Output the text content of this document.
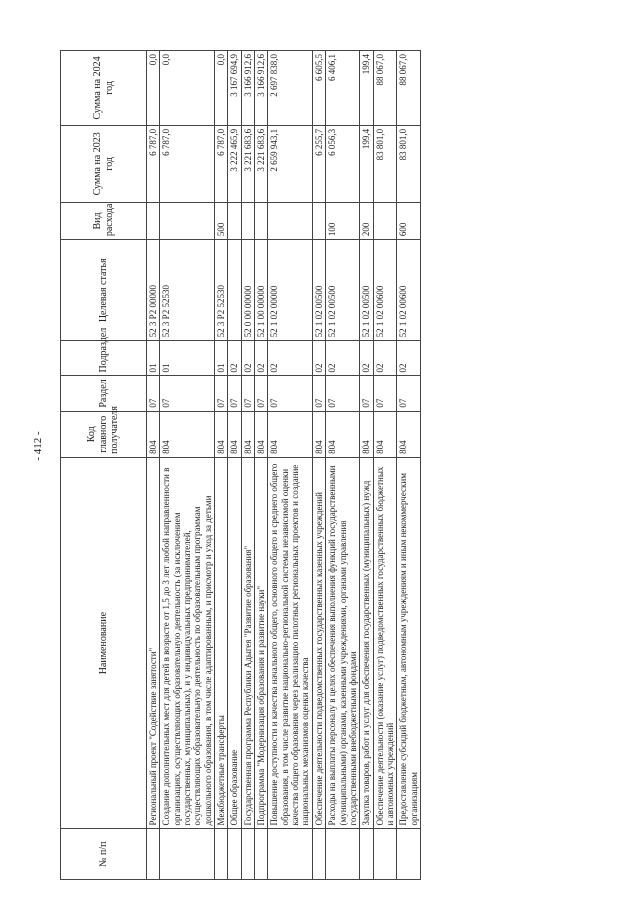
- 412 -
№ п/п	Наименование	Код главного получателя	Раздел	Подраздел	Целевая статья	Вид расхода	Сумма на 2023 год	Сумма на 2024 год
	Региональный проект "Содействие занятости"	804	07	01	52 3 P2 00000		6 787,0	0,0
	Создание дополнительных мест для детей в возрасте от 1,5 до 3 лет любой направленности в организациях, осуществляющих образовательную деятельность (за исключением государственных, муниципальных), и у индивидуальных предпринимателей, осуществляющих образовательную деятельность по образовательным программам дошкольного образования, в том числе адаптированным, и присмотр и уход за детьми	804	07	01	52 3 P2 52530		6 787,0	0,0
	Межбюджетные трансферты	804	07	01	52 3 P2 52530	500	6 787,0	0,0
	Общее образование	804	07	02			3 222 465,9	3 167 694,9
	Государственная программа Республики Адыгея "Развитие образования"	804	07	02	52 0 00 00000		3 221 683,6	3 166 912,6
	Подпрограмма "Модернизация образования и развитие науки"	804	07	02	52 1 00 00000		3 221 683,6	3 166 912,6
	Повышение доступности и качества начального общего, основного общего и среднего общего образования, в том числе развитие национально-региональной системы независимой оценки качества общего образования через реализацию пилотных региональных проектов и создание национальных механизмов оценки качества	804	07	02	52 1 02 00000		2 659 943,1	2 697 838,0
	Обеспечение деятельности подведомственных государственных казенных учреждений	804	07	02	52 1 02 00500		6 255,7	6 605,5
	Расходы на выплаты персоналу в целях обеспечения выполнения функций государственными (муниципальными) органами, казенными учреждениями, органами управления государственными внебюджетными фондами	804	07	02	52 1 02 00500	100	6 056,3	6 406,1
	Закупка товаров, работ и услуг для обеспечения государственных (муниципальных) нужд	804	07	02	52 1 02 00500	200	199,4	199,4
	Обеспечение деятельности (оказание услуг) подведомственных государственных бюджетных и автономных учреждений	804	07	02	52 1 02 00600		83 801,0	88 067,0
	Предоставление субсидий бюджетным, автономным учреждениям и иным некоммерческим организациям	804	07	02	52 1 02 00600	600	83 801,0	88 067,0
